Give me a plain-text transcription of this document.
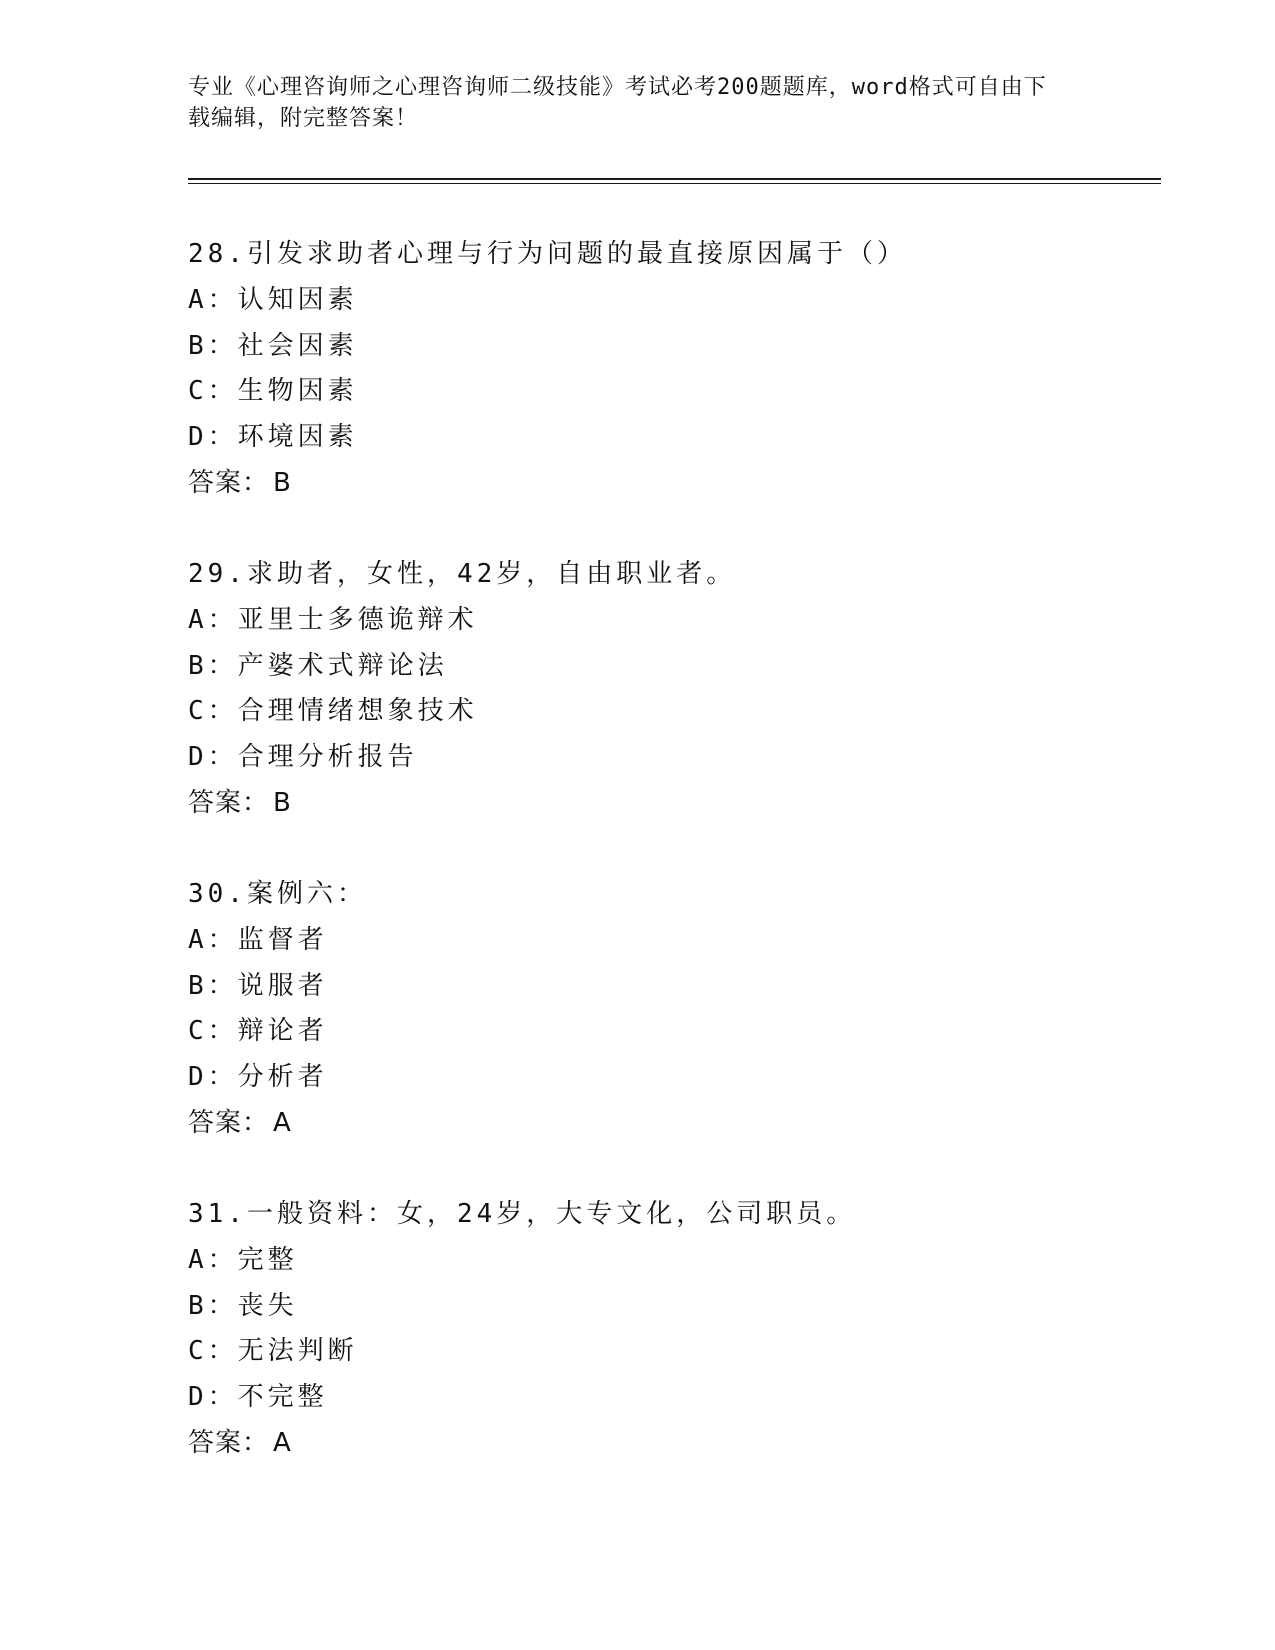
专业《心理咨询师之心理咨询师二级技能》考试必考200题题库，word格式可自由下载编辑，附完整答案！
28.引发求助者心理与行为问题的最直接原因属于（）
A：认知因素
B：社会因素
C：生物因素
D：环境因素
答案： B
29.求助者，女性，42岁，自由职业者。
A：亚里士多德诡辩术
B：产婆术式辩论法
C：合理情绪想象技术
D：合理分析报告
答案： B
30.案例六：
A：监督者
B：说服者
C：辩论者
D：分析者
答案： A
31.一般资料：女，24岁，大专文化，公司职员。
A：完整
B：丧失
C：无法判断
D：不完整
答案： A
